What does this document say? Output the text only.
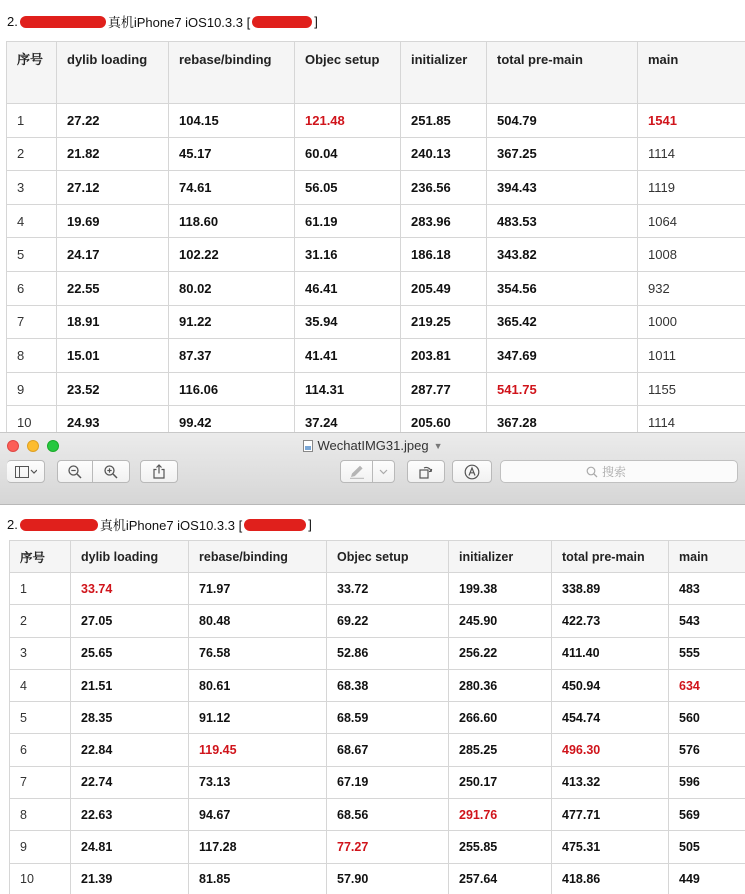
2.	真机iPhone7 iOS10.3.3 [	]
序号	dylib loading	rebase/binding	Objec setup	initializer	total pre-main	main
1	27.22	104.15	121.48	251.85	504.79	1541
2	21.82	45.17	60.04	240.13	367.25	1114
3	27.12	74.61	56.05	236.56	394.43	1119
4	19.69	118.60	61.19	283.96	483.53	1064
5	24.17	102.22	31.16	186.18	343.82	1008
6	22.55	80.02	46.41	205.49	354.56	932
7	18.91	91.22	35.94	219.25	365.42	1000
8	15.01	87.37	41.41	203.81	347.69	1011
9	23.52	116.06	114.31	287.77	541.75	1155
10	24.93	99.42	37.24	205.60	367.28	1114
WechatIMG31.jpeg ▼
搜索
2.	真机iPhone7 iOS10.3.3 [	]
序号	dylib loading	rebase/binding	Objec setup	initializer	total pre-main	main
1	33.74	71.97	33.72	199.38	338.89	483
2	27.05	80.48	69.22	245.90	422.73	543
3	25.65	76.58	52.86	256.22	411.40	555
4	21.51	80.61	68.38	280.36	450.94	634
5	28.35	91.12	68.59	266.60	454.74	560
6	22.84	119.45	68.67	285.25	496.30	576
7	22.74	73.13	67.19	250.17	413.32	596
8	22.63	94.67	68.56	291.76	477.71	569
9	24.81	117.28	77.27	255.85	475.31	505
10	21.39	81.85	57.90	257.64	418.86	449
